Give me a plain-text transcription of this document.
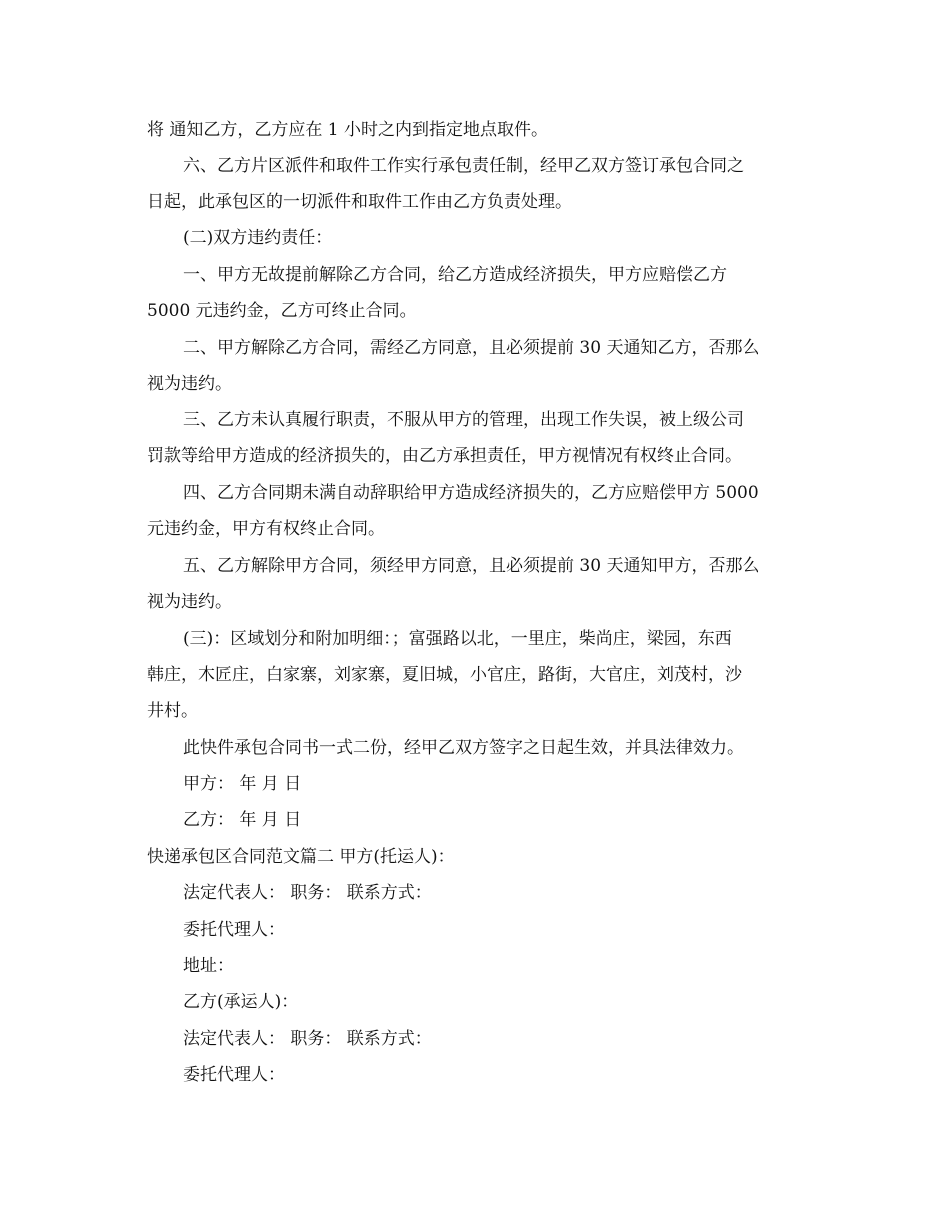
将 通知乙方，乙方应在 1 小时之内到指定地点取件。
六、乙方片区派件和取件工作实行承包责任制，经甲乙双方签订承包合同之
日起，此承包区的一切派件和取件工作由乙方负责处理。
(二)双方违约责任：
一、甲方无故提前解除乙方合同，给乙方造成经济损失，甲方应赔偿乙方
5000 元违约金，乙方可终止合同。
二、甲方解除乙方合同，需经乙方同意，且必须提前 30 天通知乙方，否那么
视为违约。
三、乙方未认真履行职责，不服从甲方的管理，出现工作失误，被上级公司
罚款等给甲方造成的经济损失的，由乙方承担责任，甲方视情况有权终止合同。
四、乙方合同期未满自动辞职给甲方造成经济损失的，乙方应赔偿甲方 5000
元违约金，甲方有权终止合同。
五、乙方解除甲方合同，须经甲方同意，且必须提前 30 天通知甲方，否那么
视为违约。
(三)：区域划分和附加明细：；富强路以北，一里庄，柴尚庄，梁园，东西
韩庄，木匠庄，白家寨，刘家寨，夏旧城，小官庄，路街，大官庄，刘茂村，沙
井村。
此快件承包合同书一式二份，经甲乙双方签字之日起生效，并具法律效力。
甲方： 年 月 日
乙方： 年 月 日
快递承包区合同范文篇二 甲方(托运人)：
法定代表人： 职务： 联系方式：
委托代理人：
地址：
乙方(承运人)：
法定代表人： 职务： 联系方式：
委托代理人：
